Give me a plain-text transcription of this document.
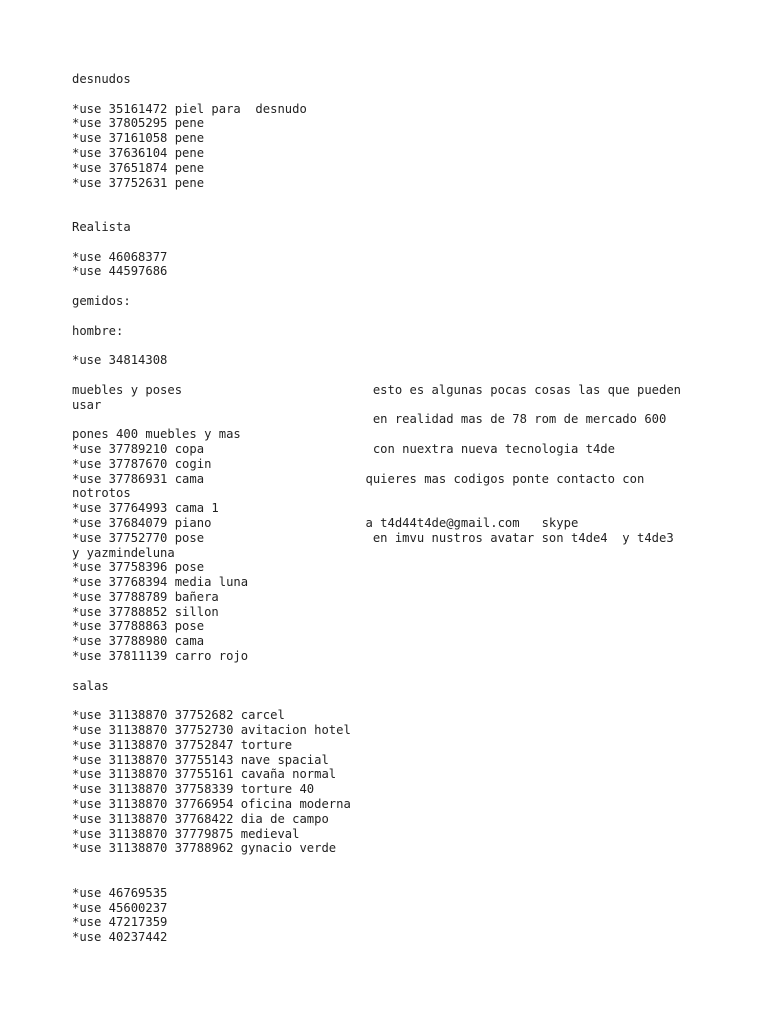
desnudos
*use 35161472 piel para  desnudo
*use 37805295 pene
*use 37161058 pene
*use 37636104 pene
*use 37651874 pene
*use 37752631 pene
Realista
*use 46068377
*use 44597686
gemidos:
hombre:
*use 34814308
muebles y poses                          esto es algunas pocas cosas las que pueden
usar
en realidad mas de 78 rom de mercado 600
pones 400 muebles y mas
*use 37789210 copa                       con nuextra nueva tecnologia t4de
*use 37787670 cogin
*use 37786931 cama                      quieres mas codigos ponte contacto con
notrotos
*use 37764993 cama 1
*use 37684079 piano                     a t4d44t4de@gmail.com   skype
*use 37752770 pose                       en imvu nustros avatar son t4de4  y t4de3
y yazmindeluna
*use 37758396 pose
*use 37768394 media luna
*use 37788789 bañera
*use 37788852 sillon
*use 37788863 pose
*use 37788980 cama
*use 37811139 carro rojo
salas
*use 31138870 37752682 carcel
*use 31138870 37752730 avitacion hotel
*use 31138870 37752847 torture
*use 31138870 37755143 nave spacial
*use 31138870 37755161 cavaña normal
*use 31138870 37758339 torture 40
*use 31138870 37766954 oficina moderna
*use 31138870 37768422 dia de campo
*use 31138870 37779875 medieval
*use 31138870 37788962 gynacio verde
*use 46769535
*use 45600237
*use 47217359
*use 40237442
